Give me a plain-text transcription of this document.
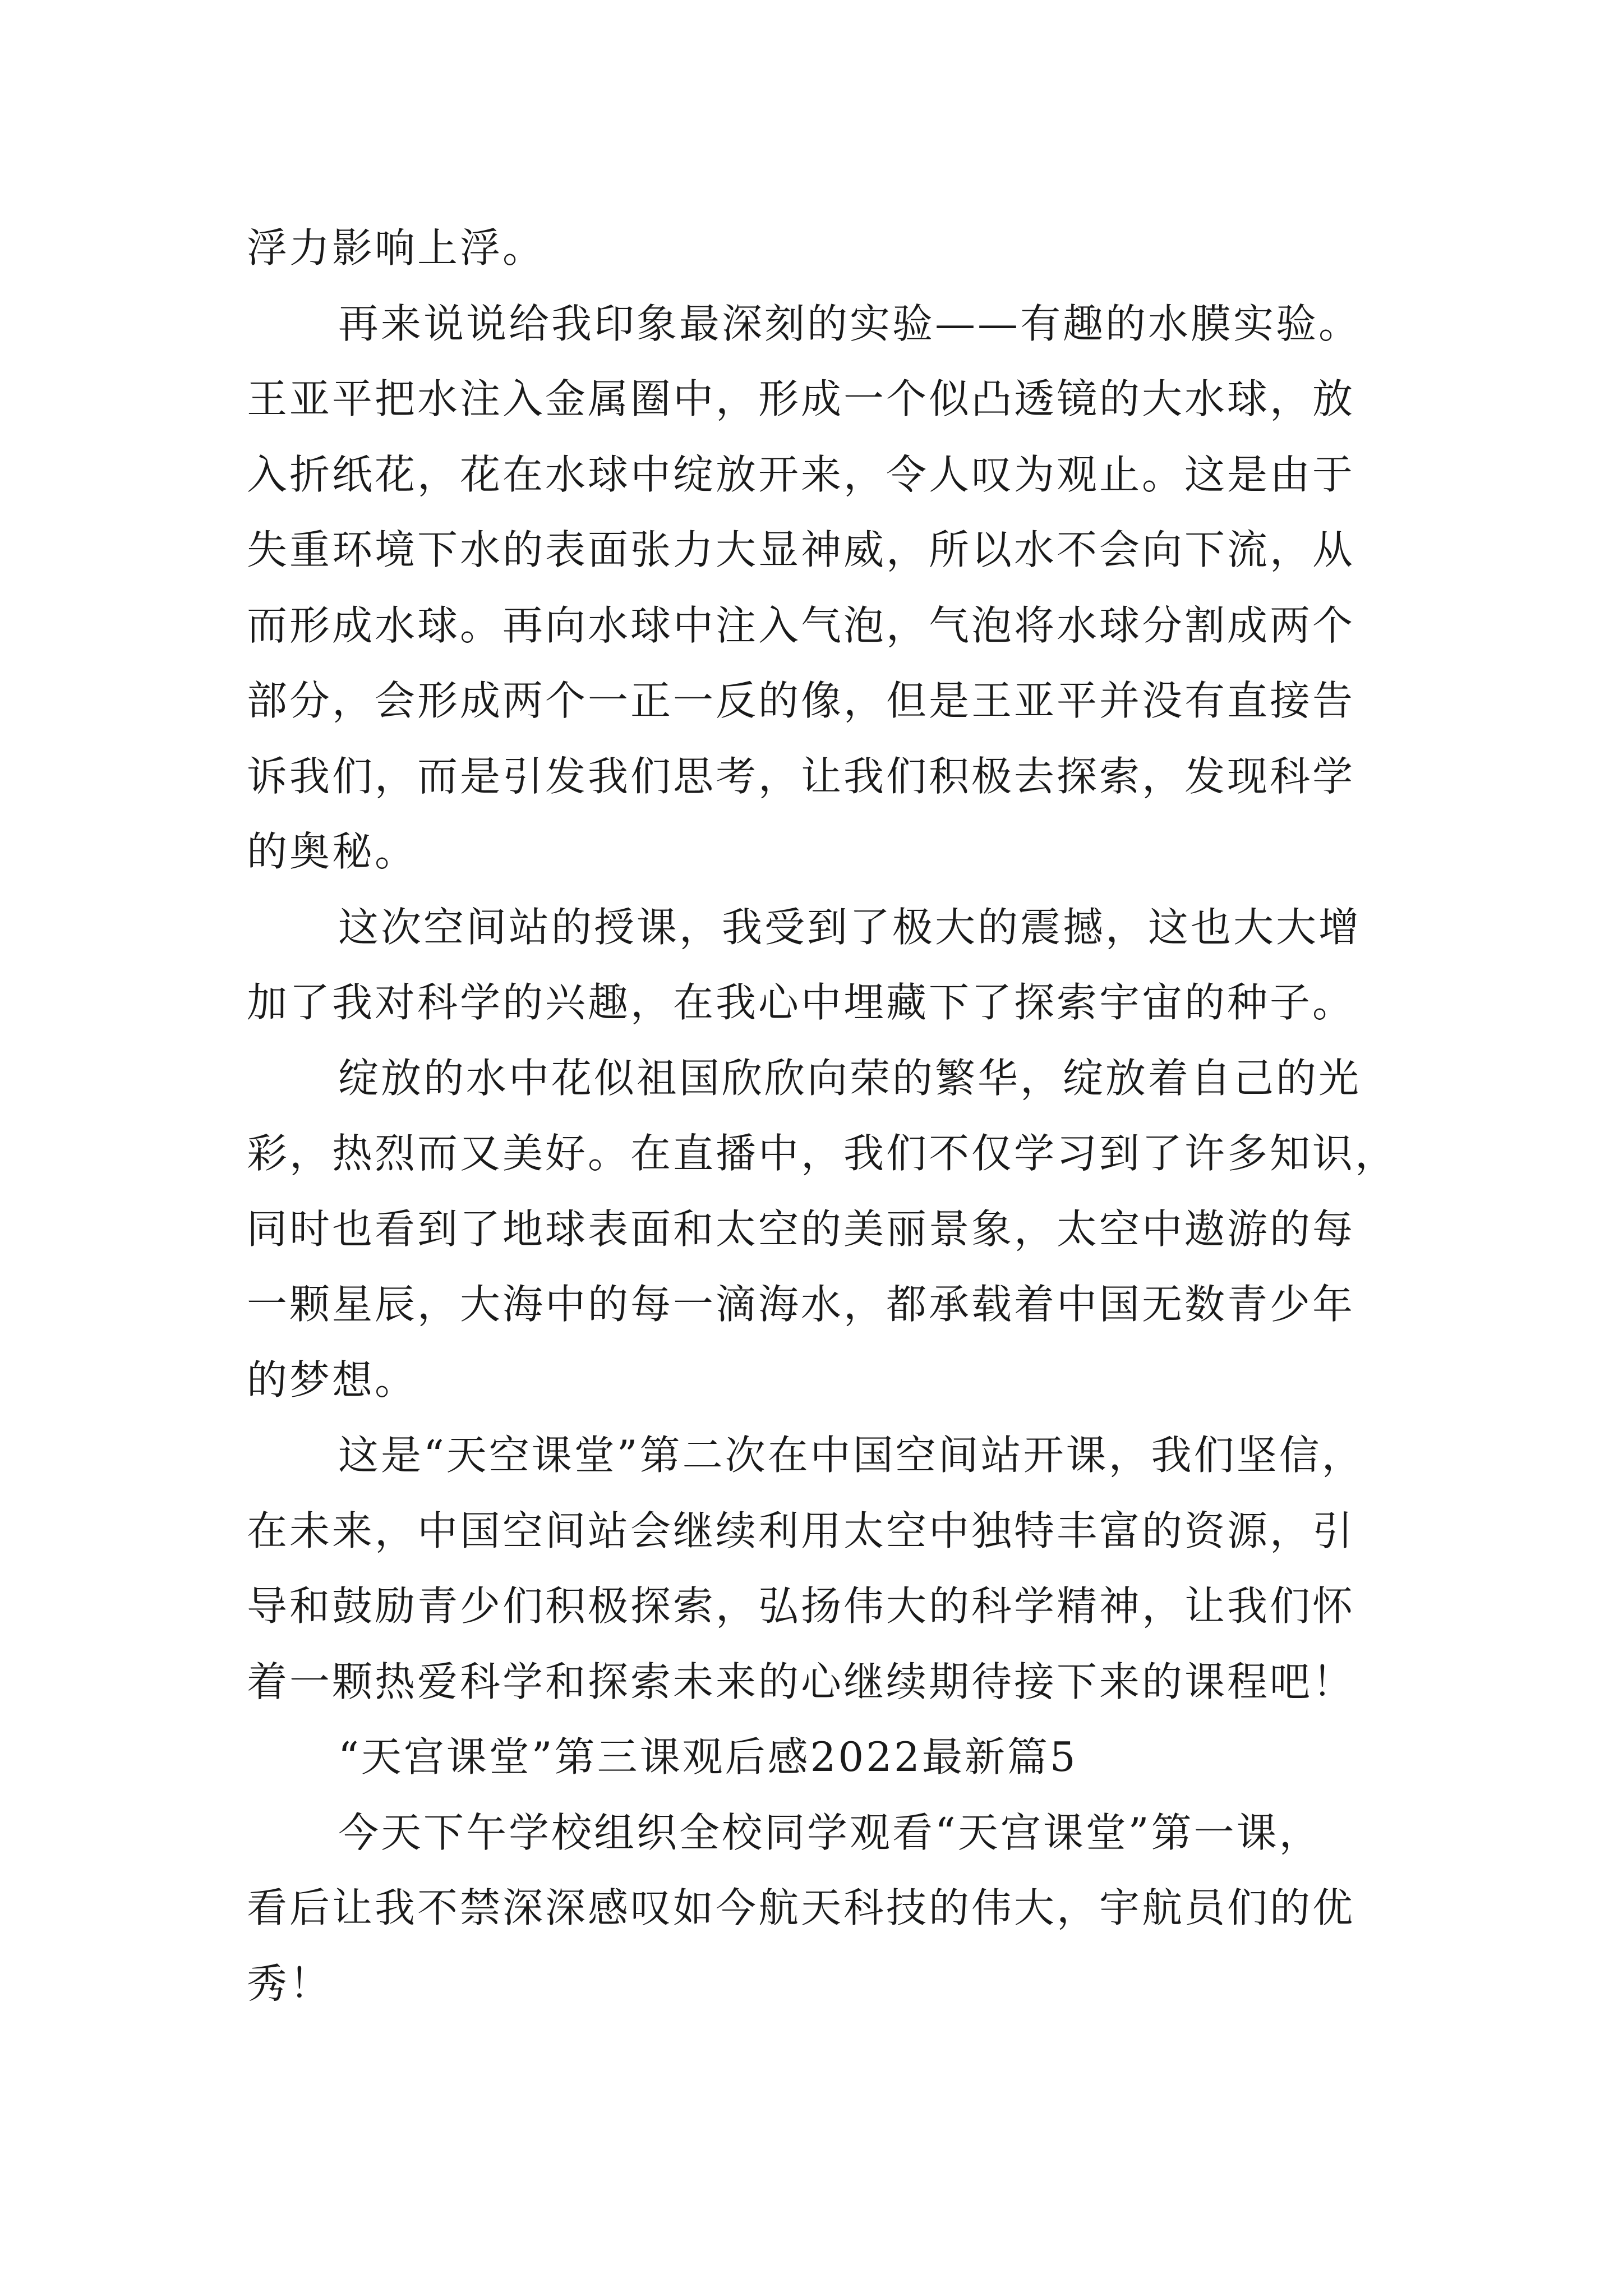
浮力影响上浮。
再来说说给我印象最深刻的实验——有趣的水膜实验。
王亚平把水注入金属圈中，形成一个似凸透镜的大水球，放
入折纸花，花在水球中绽放开来，令人叹为观止。这是由于
失重环境下水的表面张力大显神威，所以水不会向下流，从
而形成水球。再向水球中注入气泡，气泡将水球分割成两个
部分，会形成两个一正一反的像，但是王亚平并没有直接告
诉我们，而是引发我们思考，让我们积极去探索，发现科学
的奥秘。
这次空间站的授课，我受到了极大的震撼，这也大大增
加了我对科学的兴趣，在我心中埋藏下了探索宇宙的种子。
绽放的水中花似祖国欣欣向荣的繁华，绽放着自己的光
彩，热烈而又美好。在直播中，我们不仅学习到了许多知识，
同时也看到了地球表面和太空的美丽景象，太空中遨游的每
一颗星辰，大海中的每一滴海水，都承载着中国无数青少年
的梦想。
这是“天空课堂”第二次在中国空间站开课，我们坚信，
在未来，中国空间站会继续利用太空中独特丰富的资源，引
导和鼓励青少们积极探索，弘扬伟大的科学精神，让我们怀
着一颗热爱科学和探索未来的心继续期待接下来的课程吧！
“天宫课堂”第三课观后感2022最新篇5
今天下午学校组织全校同学观看“天宫课堂”第一课，
看后让我不禁深深感叹如今航天科技的伟大，宇航员们的优
秀！
